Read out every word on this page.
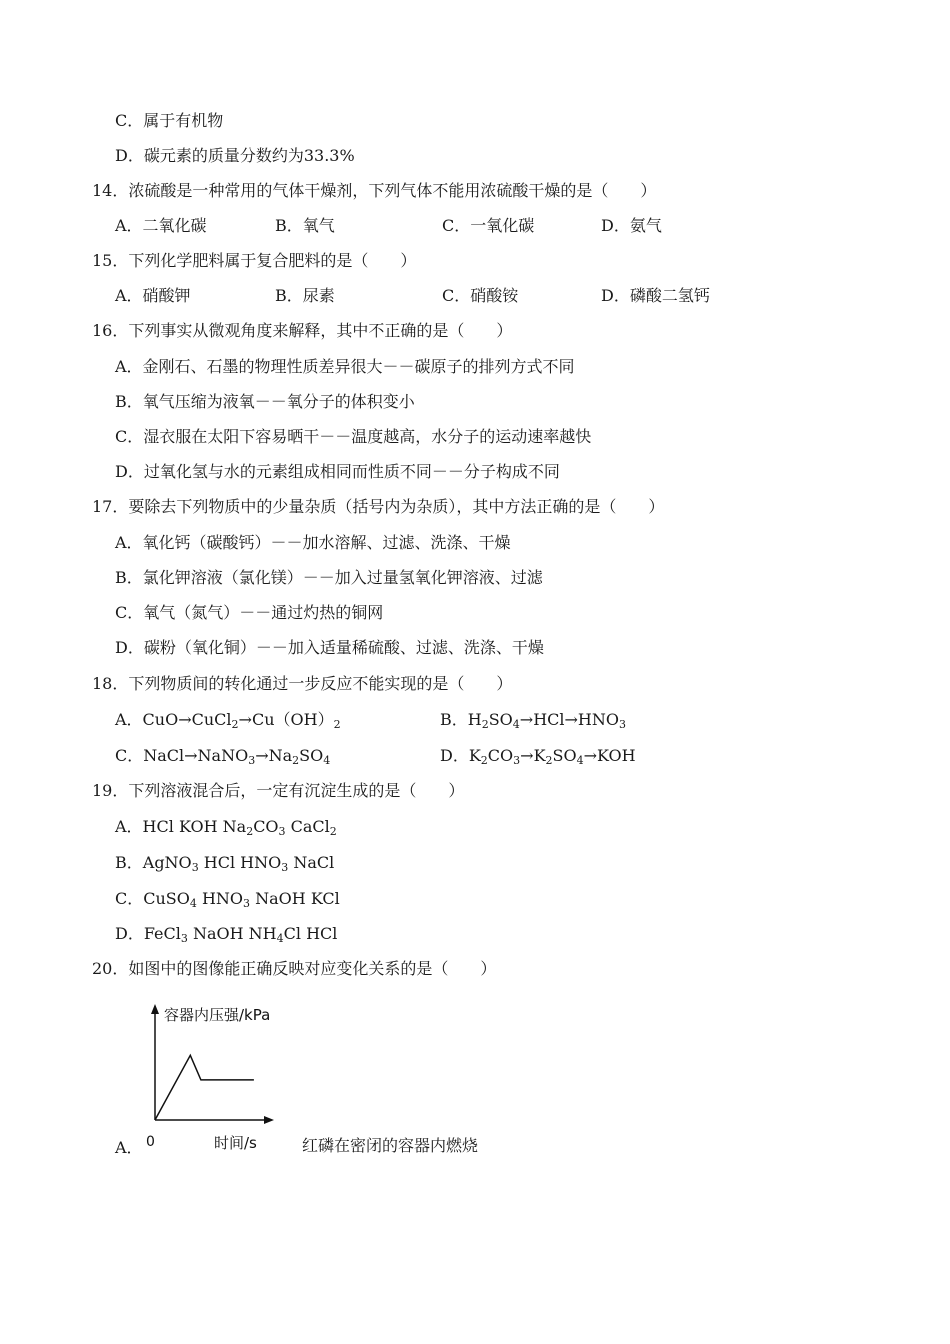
C．属于有机物
D．碳元素的质量分数约为33.3%
14．浓硫酸是一种常用的气体干燥剂，下列气体不能用浓硫酸干燥的是（　　）
A．二氧化碳	B．氧气	C．一氧化碳	D．氨气
15．下列化学肥料属于复合肥料的是（　　）
A．硝酸钾	B．尿素	C．硝酸铵	D．磷酸二氢钙
16．下列事实从微观角度来解释，其中不正确的是（　　）
A．金刚石、石墨的物理性质差异很大－－碳原子的排列方式不同
B．氧气压缩为液氧－－氧分子的体积变小
C．湿衣服在太阳下容易晒干－－温度越高，水分子的运动速率越快
D．过氧化氢与水的元素组成相同而性质不同－－分子构成不同
17．要除去下列物质中的少量杂质（括号内为杂质），其中方法正确的是（　　）
A．氧化钙（碳酸钙）－－加水溶解、过滤、洗涤、干燥
B．氯化钾溶液（氯化镁）－－加入过量氢氧化钾溶液、过滤
C．氧气（氮气）－－通过灼热的铜网
D．碳粉（氧化铜）－－加入适量稀硫酸、过滤、洗涤、干燥
18．下列物质间的转化通过一步反应不能实现的是（　　）
A．$CuO\to CuCl_2\to Cu(OH)_2$	B．$H_2SO_4\to HCl\to HNO_3$
C．$NaCl\to NaNO_3\to Na_2SO_4$	D．$K_2CO_3\to K_2SO_4\to KOH$
19．下列溶液混合后，一定有沉淀生成的是（　　）
A．HCl KOH $Na_2CO_3$ CaCl$_2$
B．AgNO$_3$ HCl $HNO_3$ NaCl
C．CuSO$_4$ $HNO_3$ NaOH KCl
D．FeCl$_3$ NaOH $NH_4Cl$ HCl
20．如图中的图像能正确反映对应变化关系的是（　　）
容器内压强/kPa
0	时间/s
A．	红磷在密闭的容器内燃烧
